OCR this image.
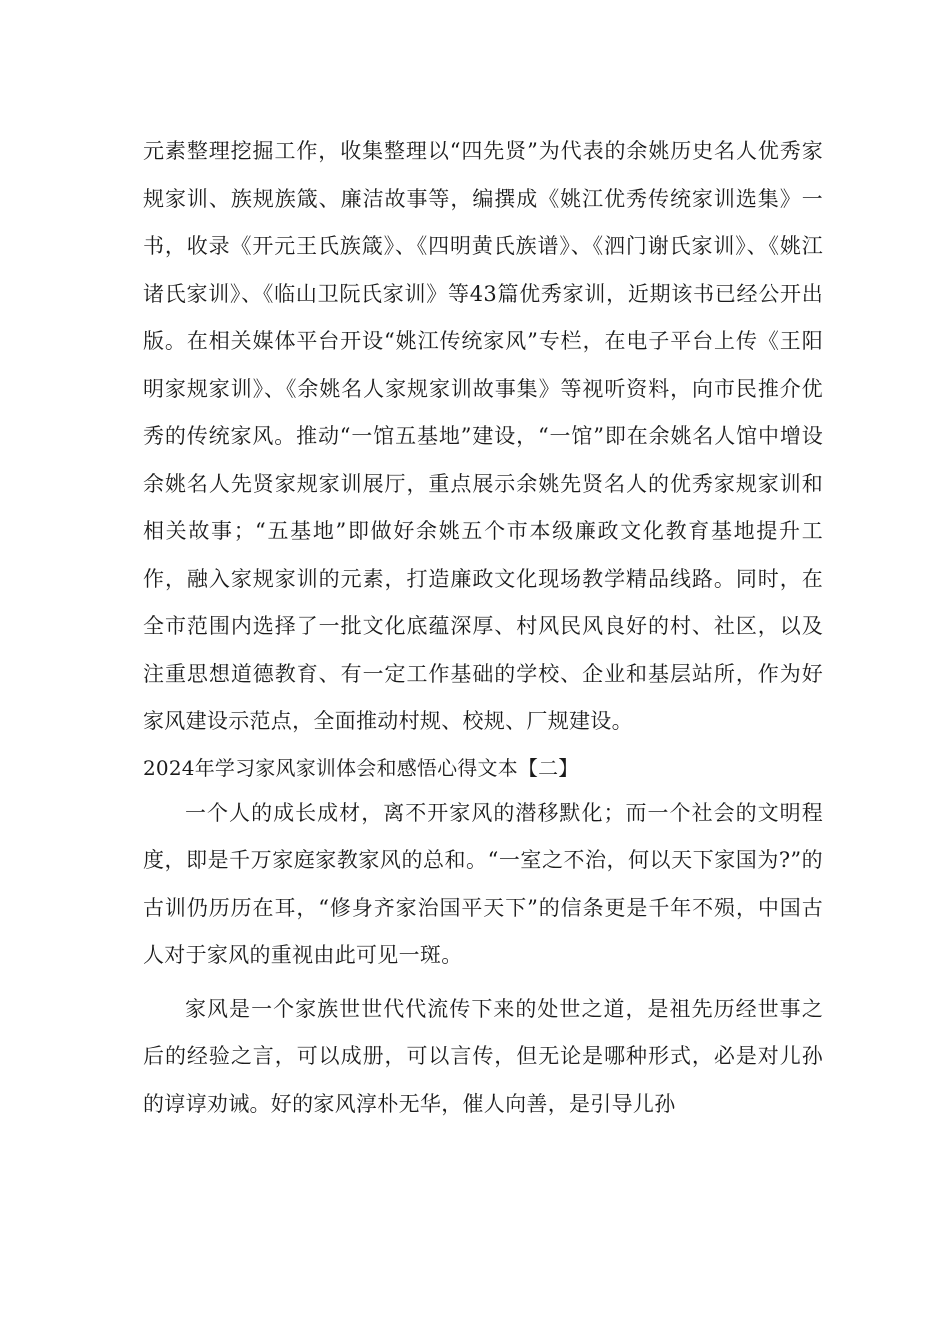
元素整理挖掘工作，收集整理以“四先贤”为代表的余姚历史名人优秀家规家训、族规族箴、廉洁故事等，编撰成《姚江优秀传统家训选集》一书，收录《开元王氏族箴》、《四明黄氏族谱》、《泗门谢氏家训》、《姚江诸氏家训》、《临山卫阮氏家训》等43篇优秀家训，近期该书已经公开出版。在相关媒体平台开设“姚江传统家风”专栏，在电子平台上传《王阳明家规家训》、《余姚名人家规家训故事集》等视听资料，向市民推介优秀的传统家风。推动“一馆五基地”建设，“一馆”即在余姚名人馆中增设余姚名人先贤家规家训展厅，重点展示余姚先贤名人的优秀家规家训和相关故事；“五基地”即做好余姚五个市本级廉政文化教育基地提升工作，融入家规家训的元素，打造廉政文化现场教学精品线路。同时，在全市范围内选择了一批文化底蕴深厚、村风民风良好的村、社区，以及注重思想道德教育、有一定工作基础的学校、企业和基层站所，作为好家风建设示范点，全面推动村规、校规、厂规建设。

2024年学习家风家训体会和感悟心得文本【二】

一个人的成长成材，离不开家风的潜移默化；而一个社会的文明程度，即是千万家庭家教家风的总和。“一室之不治，何以天下家国为?”的古训仍历历在耳，“修身齐家治国平天下”的信条更是千年不殒，中国古人对于家风的重视由此可见一斑。

家风是一个家族世世代代流传下来的处世之道，是祖先历经世事之后的经验之言，可以成册，可以言传，但无论是哪种形式，必是对儿孙的谆谆劝诫。好的家风淳朴无华，催人向善，是引导儿孙
